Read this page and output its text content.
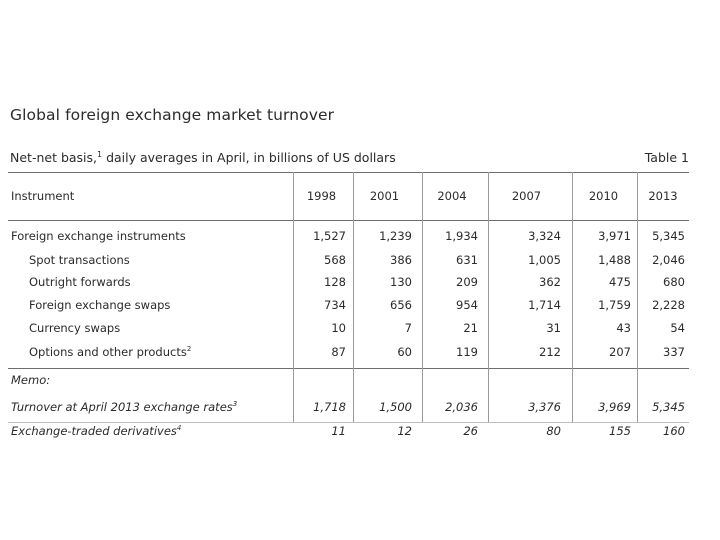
Global foreign exchange market turnover
Net-net basis,$^1$ daily averages in April, in billions of US dollars	Table 1
Instrument	1998	2001	2004	2007	2010	2013
Foreign exchange instruments	1,527	1,239	1,934	3,324	3,971	5,345
Spot transactions	568	386	631	1,005	1,488	2,046
Outright forwards	128	130	209	362	475	680
Foreign exchange swaps	734	656	954	1,714	1,759	2,228
Currency swaps	10	7	21	31	43	54
Options and other products$^2$	87	60	119	212	207	337
Memo:
Turnover at April 2013 exchange rates$^3$	1,718	1,500	2,036	3,376	3,969	5,345
Exchange-traded derivatives$^4$	11	12	26	80	155	160
